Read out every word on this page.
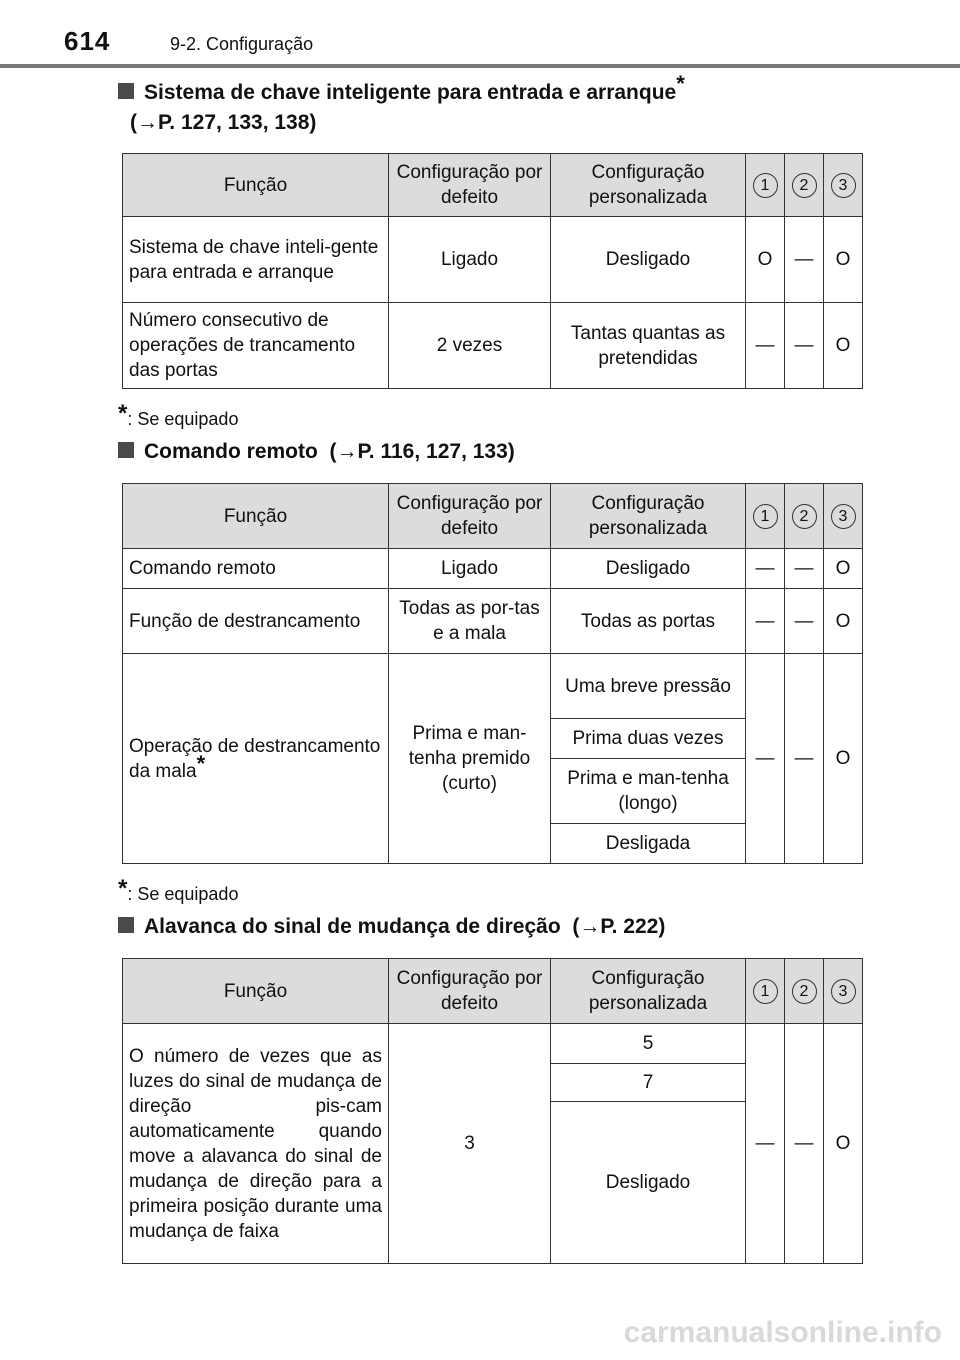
614	9-2. Configuração
Sistema de chave inteligente para entrada e arranque*
(→P. 127, 133, 138)
Função	Configuração por defeito	Configuração personalizada	1	2	3
Sistema de chave inteli-gente para entrada e arranque	Ligado	Desligado	O	—	O
Número consecutivo de operações de trancamento das portas	2 vezes	Tantas quantas as pretendidas	—	—	O
*: Se equipado
Comando remoto (→P. 116, 127, 133)
Função	Configuração por defeito	Configuração personalizada	1	2	3
Comando remoto	Ligado	Desligado	—	—	O
Função de destrancamento	Todas as por-tas e a mala	Todas as portas	—	—	O
Operação de destrancamento da mala*	Prima e man-tenha premido (curto)	Uma breve pressão	—	—	O
		Prima duas vezes			
		Prima e man-tenha (longo)			
		Desligada			
*: Se equipado
Alavanca do sinal de mudança de direção (→P. 222)
Função	Configuração por defeito	Configuração personalizada	1	2	3
O número de vezes que as luzes do sinal de mudança de direção pis-cam automaticamente quando move a alavanca do sinal de mudança de direção para a primeira posição durante uma mudança de faixa	3	5	—	—	O
		7			
		Desligado			
carmanualsonline.info
